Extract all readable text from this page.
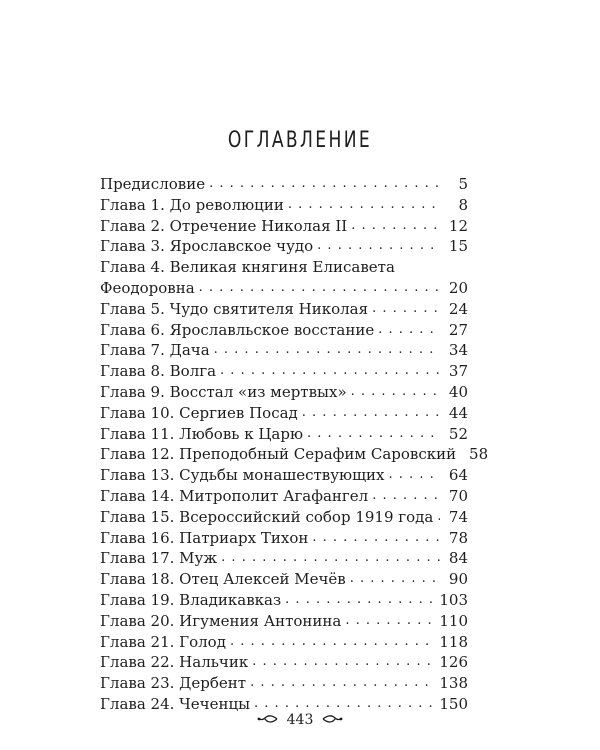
ОГЛАВЛЕНИЕ
Предисловие . . .	5
Глава 1. До революции . . .	8
Глава 2. Отречение Николая II . . .	12
Глава 3. Ярославское чудо . . .	15
Глава 4. Великая княгиня Елисавета
Феодоровна . . .	20
Глава 5. Чудо святителя Николая . . .	24
Глава 6. Ярославльское восстание . . .	27
Глава 7. Дача . . .	34
Глава 8. Волга . . .	37
Глава 9. Восстал «из мертвых» . . .	40
Глава 10. Сергиев Посад . . .	44
Глава 11. Любовь к Царю . . .	52
Глава 12. Преподобный Серафим Саровский 58
Глава 13. Судьбы монашествующих . . .	64
Глава 14. Митрополит Агафангел . . .	70
Глава 15. Всероссийский собор 1919 года . . .	74
Глава 16. Патриарх Тихон . . .	78
Глава 17. Муж . . .	84
Глава 18. Отец Алексей Мечёв . . .	90
Глава 19. Владикавказ . . .	103
Глава 20. Игумения Антонина . . .	110
Глава 21. Голод . . .	118
Глава 22. Нальчик . . .	126
Глава 23. Дербент . . .	138
Глава 24. Чеченцы . . .	150
443
